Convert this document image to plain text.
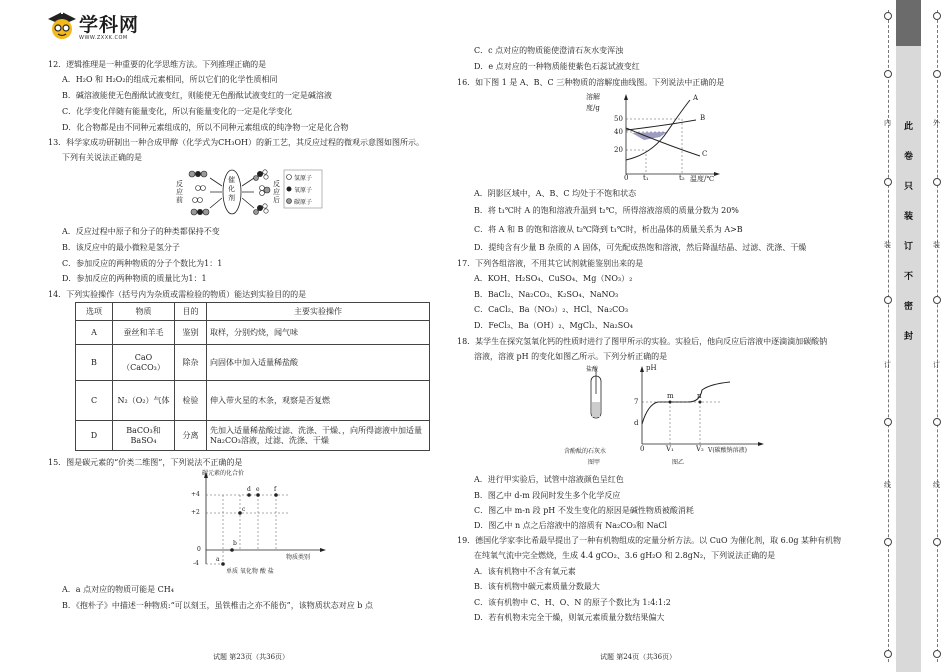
学科网
WWW.ZXXK.COM
12．逻辑推理是一种重要的化学思维方法。下列推理正确的是
A．H₂O 和 H₂O₂的组成元素相同，所以它们的化学性质相同
B．碱溶液能使无色酚酞试液变红，则能使无色酚酞试液变红的一定是碱溶液
C．化学变化伴随有能量变化，所以有能量变化的一定是化学变化
D．化合物都是由不同种元素组成的，所以不同种元素组成的纯净物一定是化合物
13．科学家成功研制出一种合成甲醇（化学式为CH₃OH）的新工艺，其反应过程的微观示意图如图所示。
下列有关说法正确的是
反应前
催化剂
反应后
氢原子
氧原子
碳原子
A．反应过程中原子和分子的种类都保持不变
B．该反应中的最小微粒是氢分子
C．参加反应的两种物质的分子个数比为1：1
D．参加反应的两种物质的质量比为1：1
14．下列实验操作（括号内为杂质或需检验的物质）能达到实验目的的是
选项	物质	目的	主要实验操作
A	蚕丝和羊毛	鉴别	取样，分别灼烧，闻气味
B	CaO（CaCO₃）	除杂	向固体中加入适量稀盐酸
C	N₂（O₂）气体	检验	伸入带火星的木条，观察是否复燃
D	BaCO₃和BaSO₄	分离	先加入适量稀盐酸过滤、洗涤、干燥、，向所得滤液中加适量Na₂CO₃溶液，过滤、洗涤、干燥
15．图是碳元素的“价类二维图”，下列说法不正确的是
碳元素的化合价
物质类别
+4
+2
0
-4
单质 氧化物 酸 盐
a
b
c
d e f
A．a 点对应的物质可能是 CH₄
B．《抱朴子》中描述一种物质:“可以刻玉，虽铁椎击之亦不能伤”，该物质状态对应 b 点
C．c 点对应的物质能使澄清石灰水变浑浊
D．e 点对应的一种物质能使紫色石蕊试液变红
16．如下图 1 是 A、B、C 三种物质的溶解度曲线图。下列说法中正确的是
溶解
度/g
50
40
20
0 t₁	t₂ 温度/℃
A
B
C
A．阴影区域中，A、B、C 均处于不饱和状态
B．将 t₁℃时 A 的饱和溶液升温到 t₂℃，所得溶液溶质的质量分数为 20%
C．将 A 和 B 的饱和溶液从 t₂℃降到 t₁℃时，析出晶体的质量关系为 A>B
D．提纯含有少量 B 杂质的 A 固体，可先配成热饱和溶液，然后降温结晶、过滤、洗涤、干燥
17．下列各组溶液，不用其它试剂就能鉴别出来的是
A．KOH、H₂SO₄、CuSO₄、Mg（NO₃）₂
B．BaCl₂、Na₂CO₃、K₂SO₄、NaNO₃
C．CaCl₂、Ba（NO₃）₂、HCl、Na₂CO₃
D．FeCl₃、Ba（OH）₂、MgCl₂、Na₂SO₄
18．某学生在探究氢氧化钙的性质时进行了图甲所示的实验。实验后，他向反应后溶液中逐滴滴加碳酸钠
溶液，溶液 pH 的变化如图乙所示。下列分析正确的是
盐酸
含酚酞的石灰水
图甲
pH
7
d
m	n
0	V₁	V₂ V(碳酸钠溶液)
图乙
A．进行甲实验后，试管中溶液颜色呈红色
B．图乙中 d-m 段间时发生多个化学反应
C．图乙中 m-n 段 pH 不发生变化的原因是碱性物质被酸消耗
D．图乙中 n 点之后溶液中的溶质有 Na₂CO₃和 NaCl
19．德国化学家李比希最早提出了一种有机物组成的定量分析方法。以 CuO 为催化剂，取 6.0g 某种有机物
在纯氧气流中完全燃烧，生成 4.4 gCO₂、3.6 gH₂O 和 2.8gN₂，下列说法正确的是
A．该有机物中不含有氧元素
B．该有机物中碳元素质量分数最大
C．该有机物中 C、H、O、N 的原子个数比为 1:4:1:2
D．若有机物未完全干燥，则氧元素质量分数结果偏大
试题 第23页（共36页）	试题 第24页（共36页）
此 卷 只 装 订 不 密 封
内
装
订
线
外
装
订
线
